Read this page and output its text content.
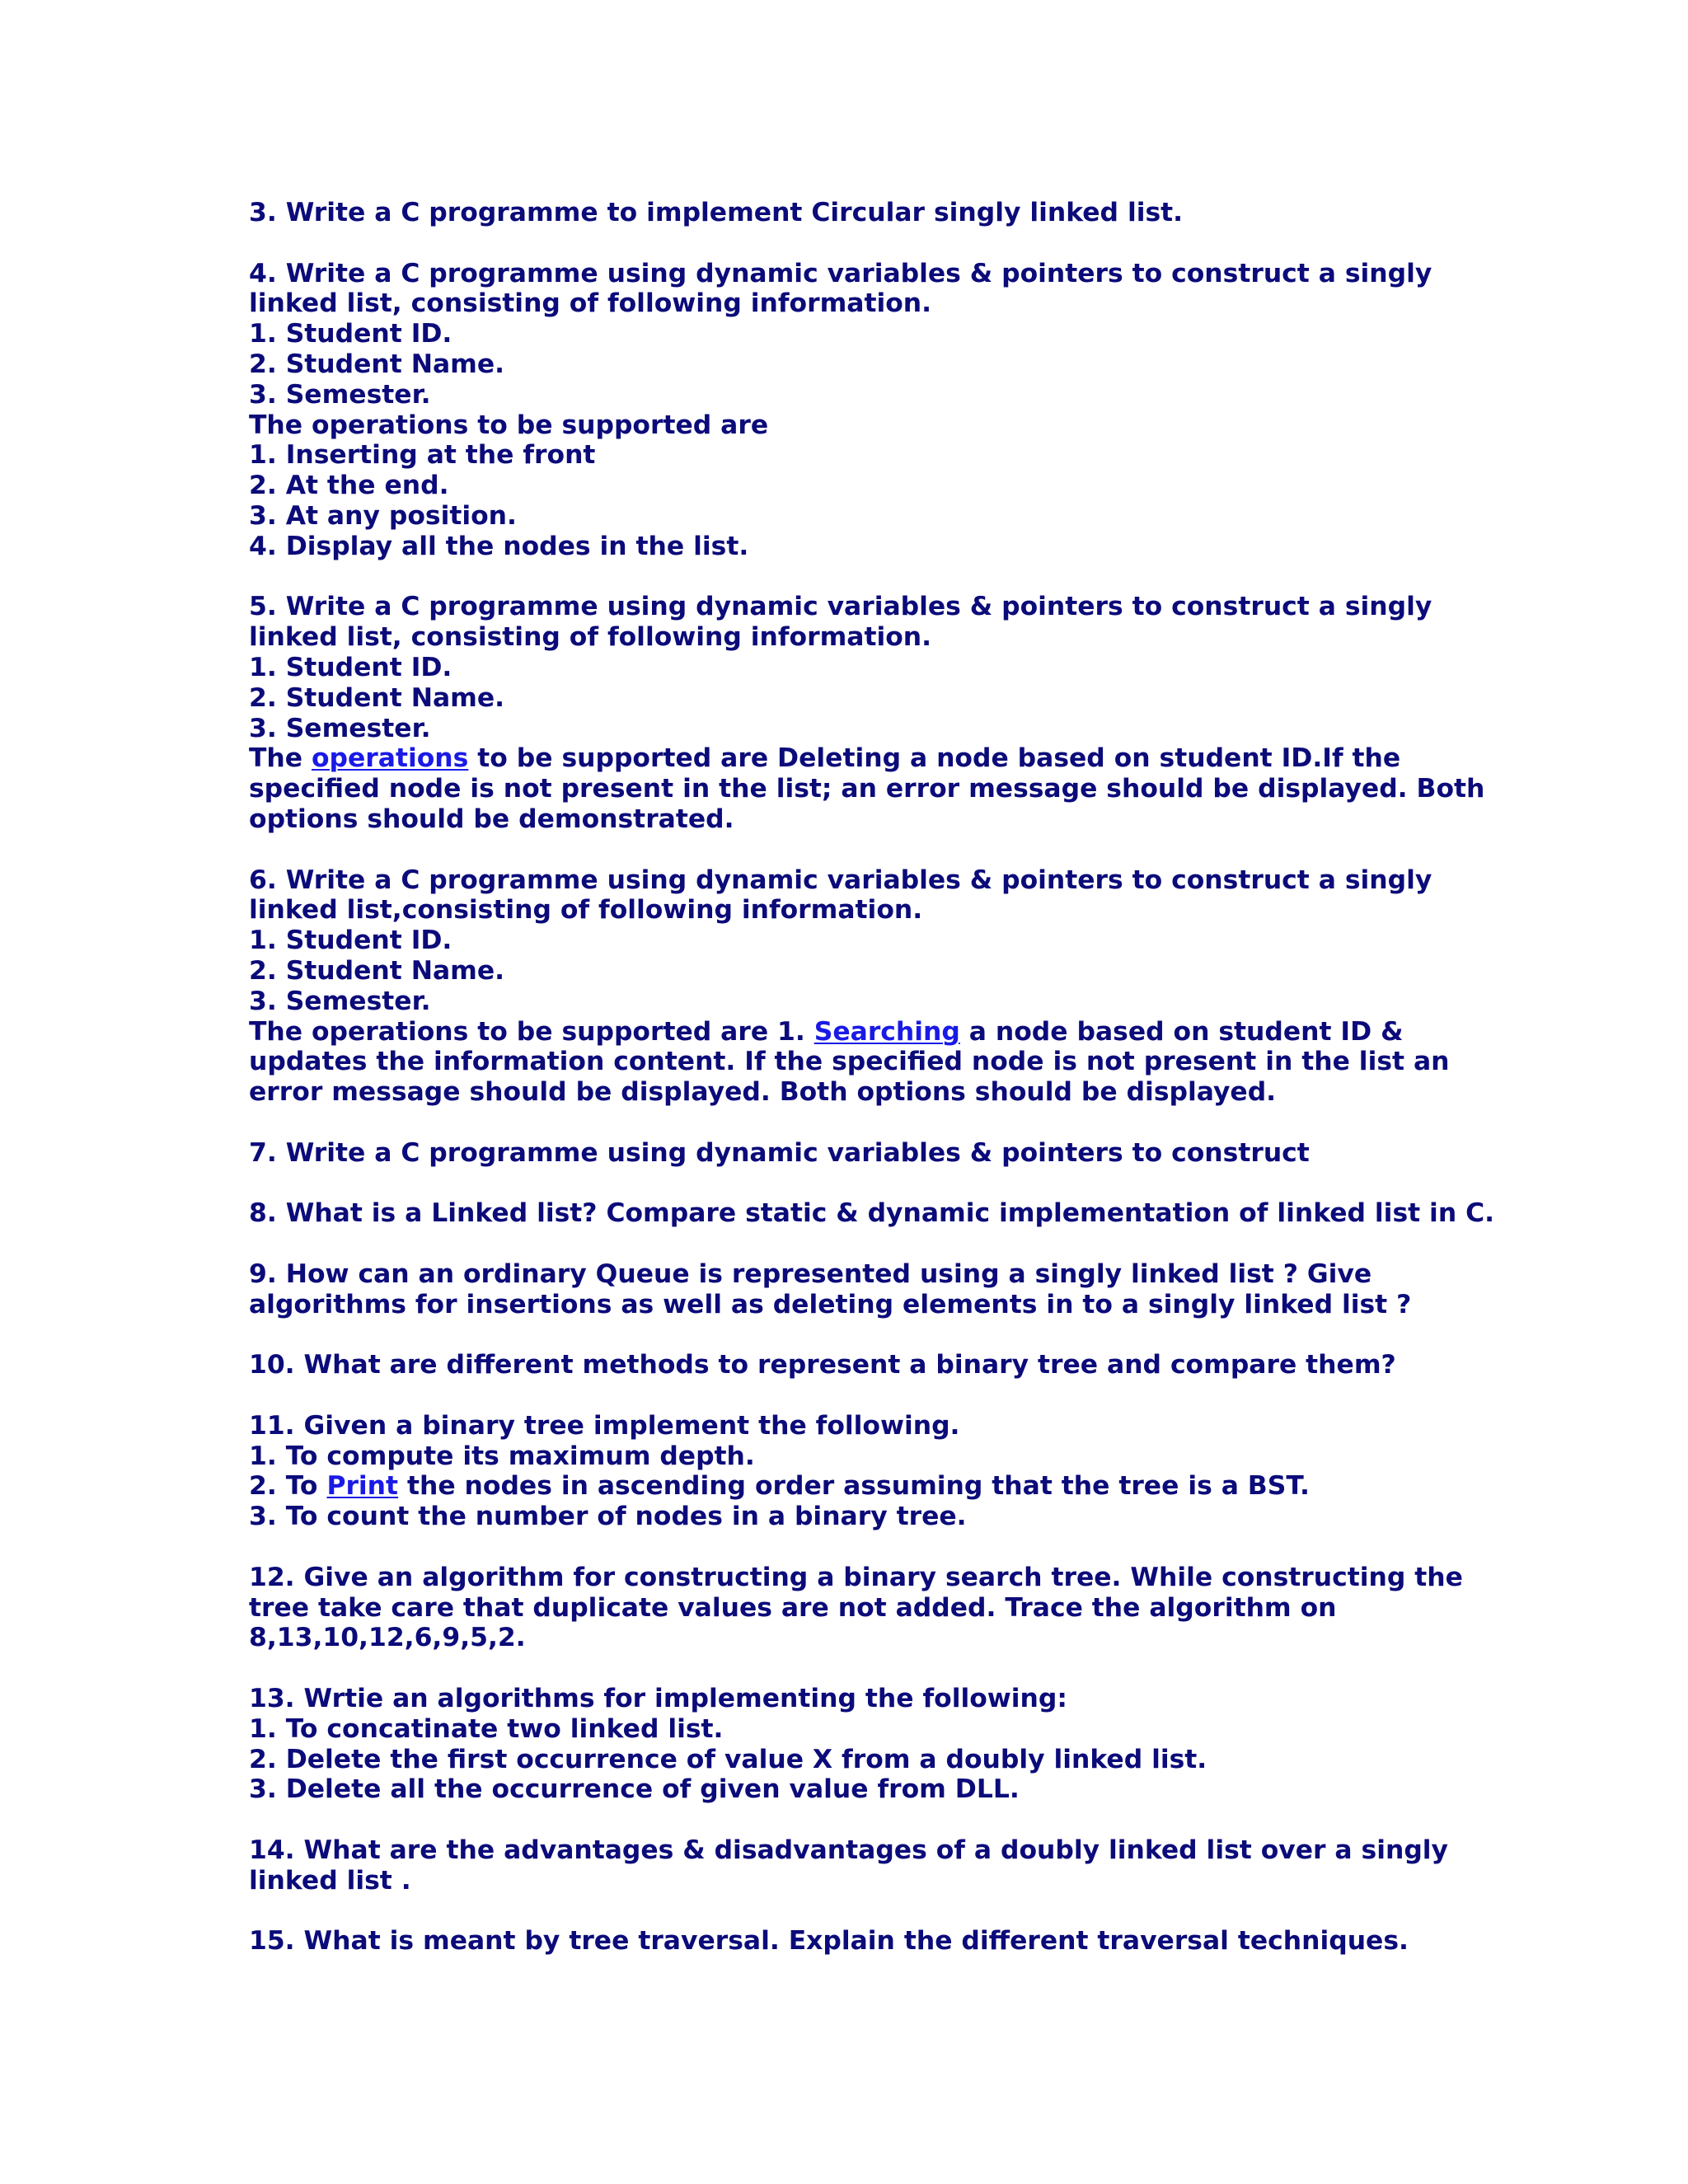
3. Write a C programme to implement Circular singly linked list.
4. Write a C programme using dynamic variables & pointers to construct a singly
linked list, consisting of following information.
1. Student ID.
2. Student Name.
3. Semester.
The operations to be supported are
1. Inserting at the front
2. At the end.
3. At any position.
4. Display all the nodes in the list.
5. Write a C programme using dynamic variables & pointers to construct a singly
linked list, consisting of following information.
1. Student ID.
2. Student Name.
3. Semester.
The operations to be supported are Deleting a node based on student ID.If the
specified node is not present in the list; an error message should be displayed. Both
options should be demonstrated.
6. Write a C programme using dynamic variables & pointers to construct a singly
linked list,consisting of following information.
1. Student ID.
2. Student Name.
3. Semester.
The operations to be supported are 1. Searching a node based on student ID &
updates the information content. If the specified node is not present in the list an
error message should be displayed. Both options should be displayed.
7. Write a C programme using dynamic variables & pointers to construct
8. What is a Linked list? Compare static & dynamic implementation of linked list in C.
9. How can an ordinary Queue is represented using a singly linked list ? Give
algorithms for insertions as well as deleting elements in to a singly linked list ?
10. What are different methods to represent a binary tree and compare them?
11. Given a binary tree implement the following.
1. To compute its maximum depth.
2. To Print the nodes in ascending order assuming that the tree is a BST.
3. To count the number of nodes in a binary tree.
12. Give an algorithm for constructing a binary search tree. While constructing the
tree take care that duplicate values are not added. Trace the algorithm on
8,13,10,12,6,9,5,2.
13. Wrtie an algorithms for implementing the following:
1. To concatinate two linked list.
2. Delete the first occurrence of value X from a doubly linked list.
3. Delete all the occurrence of given value from DLL.
14. What are the advantages & disadvantages of a doubly linked list over a singly
linked list .
15. What is meant by tree traversal. Explain the different traversal techniques.
